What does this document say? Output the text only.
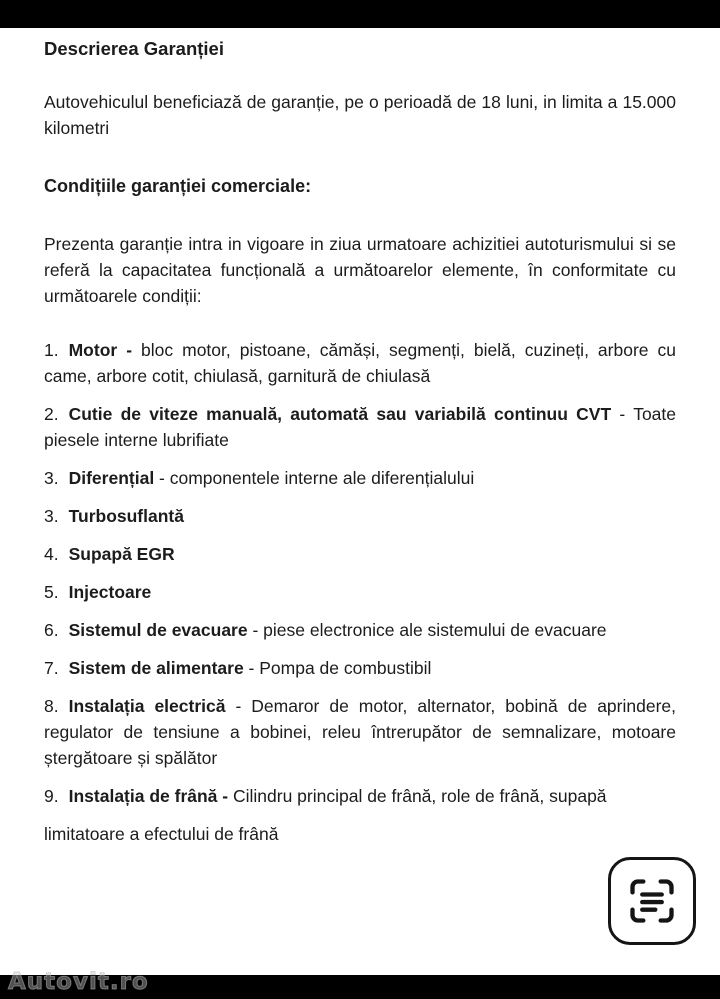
Descrierea Garanției

Autovehiculul beneficiază de garanție, pe o perioadă de 18 luni, in limita a 15.000 kilometri

Condițiile garanției comerciale:

Prezenta garanție intra in vigoare in ziua urmatoare achizitiei autoturismului si se referă la capacitatea funcțională a următoarelor elemente, în conformitate cu următoarele condiții:

1. Motor - bloc motor, pistoane, cămăși, segmenți, bielă, cuzineți, arbore cu came, arbore cotit, chiulasă, garnitură de chiulasă

2. Cutie de viteze manuală, automată sau variabilă continuu CVT - Toate piesele interne lubrifiate

3. Diferențial - componentele interne ale diferențialului

3. Turbosuflantă

4. Supapă EGR

5. Injectoare

6. Sistemul de evacuare - piese electronice ale sistemului de evacuare

7. Sistem de alimentare - Pompa de combustibil

8. Instalația electrică - Demaror de motor, alternator, bobină de aprindere, regulator de tensiune a bobinei, releu întrerupător de semnalizare, motoare ștergătoare și spălător

9. Instalația de frână - Cilindru principal de frână, role de frână, supapă

limitatoare a efectului de frână

Autovit.ro
